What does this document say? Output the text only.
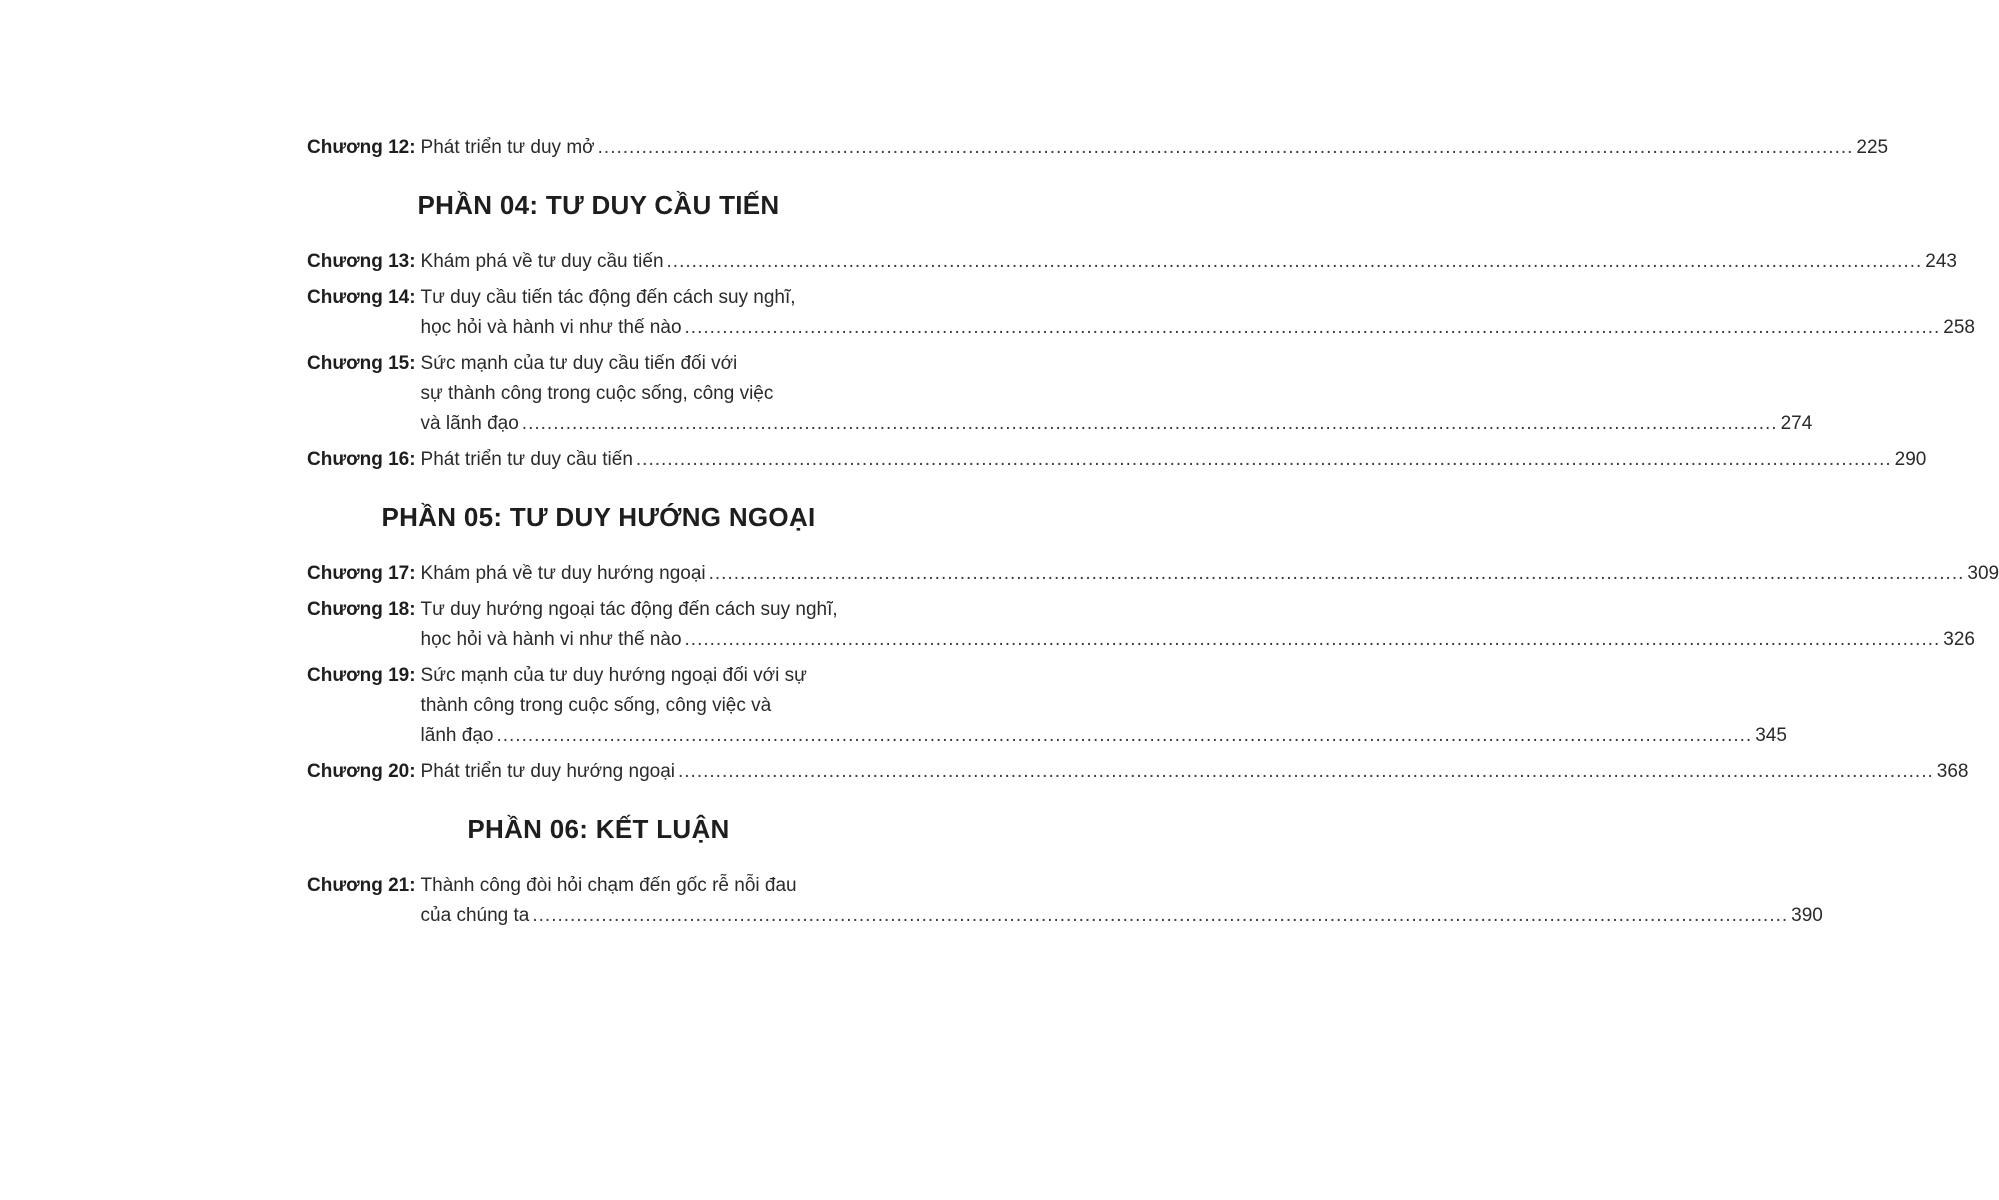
Chương 12: Phát triển tư duy mở ........................................................................................................................................................................................................ 225
PHẦN 04: TƯ DUY CẦU TIẾN
Chương 13: Khám phá về tư duy cầu tiến ........................................................................................................................................................................................................ 243
Chương 14: Tư duy cầu tiến tác động đến cách suy nghĩ,
học hỏi và hành vi như thế nào ........................................................................................................................................................................................................ 258
Chương 15: Sức mạnh của tư duy cầu tiến đối với
sự thành công trong cuộc sống, công việc
và lãnh đạo ........................................................................................................................................................................................................ 274
Chương 16: Phát triển tư duy cầu tiến ........................................................................................................................................................................................................ 290
PHẦN 05: TƯ DUY HƯỚNG NGOẠI
Chương 17: Khám phá về tư duy hướng ngoại ........................................................................................................................................................................................................ 309
Chương 18: Tư duy hướng ngoại tác động đến cách suy nghĩ,
học hỏi và hành vi như thế nào ........................................................................................................................................................................................................ 326
Chương 19: Sức mạnh của tư duy hướng ngoại đối với sự
thành công trong cuộc sống, công việc và
lãnh đạo ........................................................................................................................................................................................................ 345
Chương 20: Phát triển tư duy hướng ngoại ........................................................................................................................................................................................................ 368
PHẦN 06: KẾT LUẬN
Chương 21: Thành công đòi hỏi chạm đến gốc rễ nỗi đau
của chúng ta ........................................................................................................................................................................................................ 390
